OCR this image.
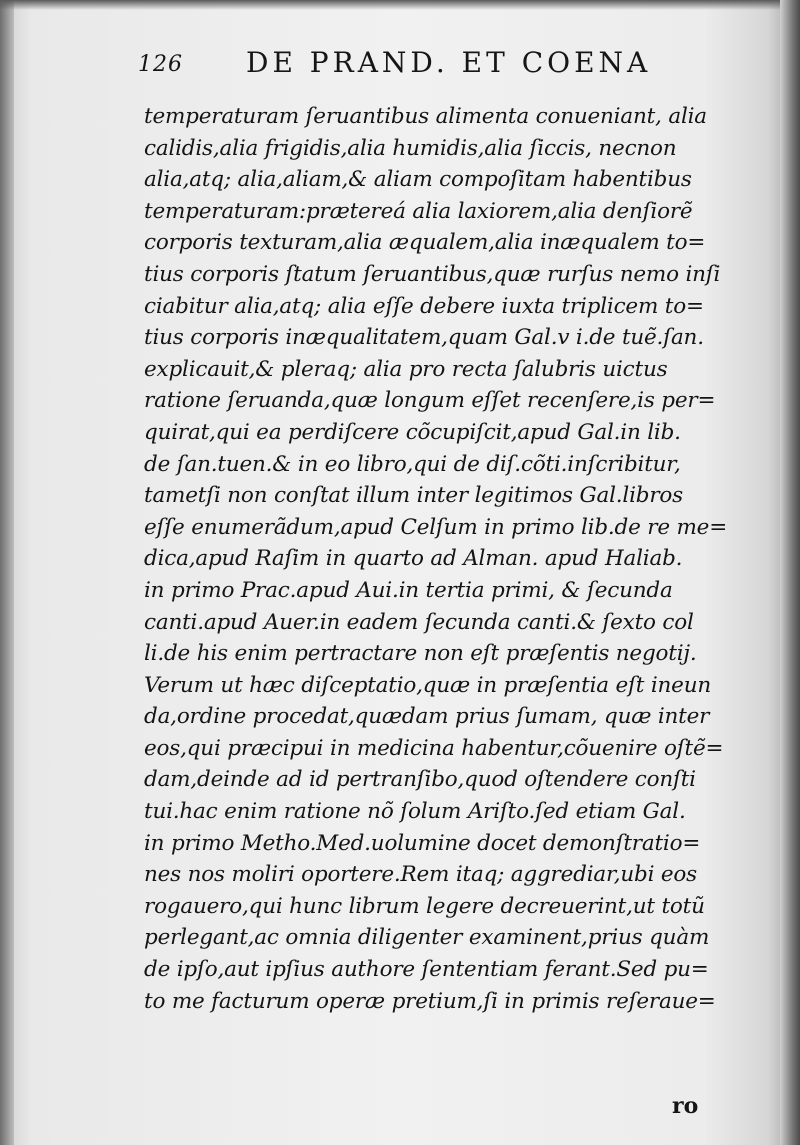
126 DE PRAND. ET COENA
temperaturam ſeruantibus alimenta conueniant, alia
calidis,alia frigidis,alia humidis,alia ſiccis, necnon
alia,atq; alia,aliam,& aliam compoſitam habentibus
temperaturam:prætereá alia laxiorem,alia denſiorẽ
corporis texturam,alia æqualem,alia inæqualem to=
tius corporis ſtatum ſeruantibus,quæ rurſus nemo inſi
ciabitur alia,atq; alia eſſe debere iuxta triplicem to=
tius corporis inæqualitatem,quam Gal.v i.de tuẽ.ſan.
explicauit,& pleraq; alia pro recta ſalubris uictus
ratione ſeruanda,quæ longum eſſet recenſere,is per=
quirat,qui ea perdiſcere cõcupiſcit,apud Gal.in lib.
de ſan.tuen.& in eo libro,qui de diſ.cõti.inſcribitur,
tametſi non conſtat illum inter legitimos Gal.libros
eſſe enumerãdum,apud Celſum in primo lib.de re me=
dica,apud Raſim in quarto ad Alman. apud Haliab.
in primo Prac.apud Aui.in tertia primi, & ſecunda
canti.apud Auer.in eadem ſecunda canti.& ſexto col
li.de his enim pertractare non eſt præſentis negotij.
Verum ut hæc diſceptatio,quæ in præſentia eſt ineun
da,ordine procedat,quædam prius ſumam, quæ inter
eos,qui præcipui in medicina habentur,cõuenire oſtẽ=
dam,deinde ad id pertranſibo,quod oſtendere conſti
tui.hac enim ratione nõ ſolum Ariſto.ſed etiam Gal.
in primo Metho.Med.uolumine docet demonſtratio=
nes nos moliri oportere.Rem itaq; aggrediar,ubi eos
rogauero,qui hunc librum legere decreuerint,ut totũ
perlegant,ac omnia diligenter examinent,prius quàm
de ipſo,aut ipſius authore ſententiam ferant.Sed pu=
to me facturum operæ pretium,ſi in primis reſeraue=
ro
